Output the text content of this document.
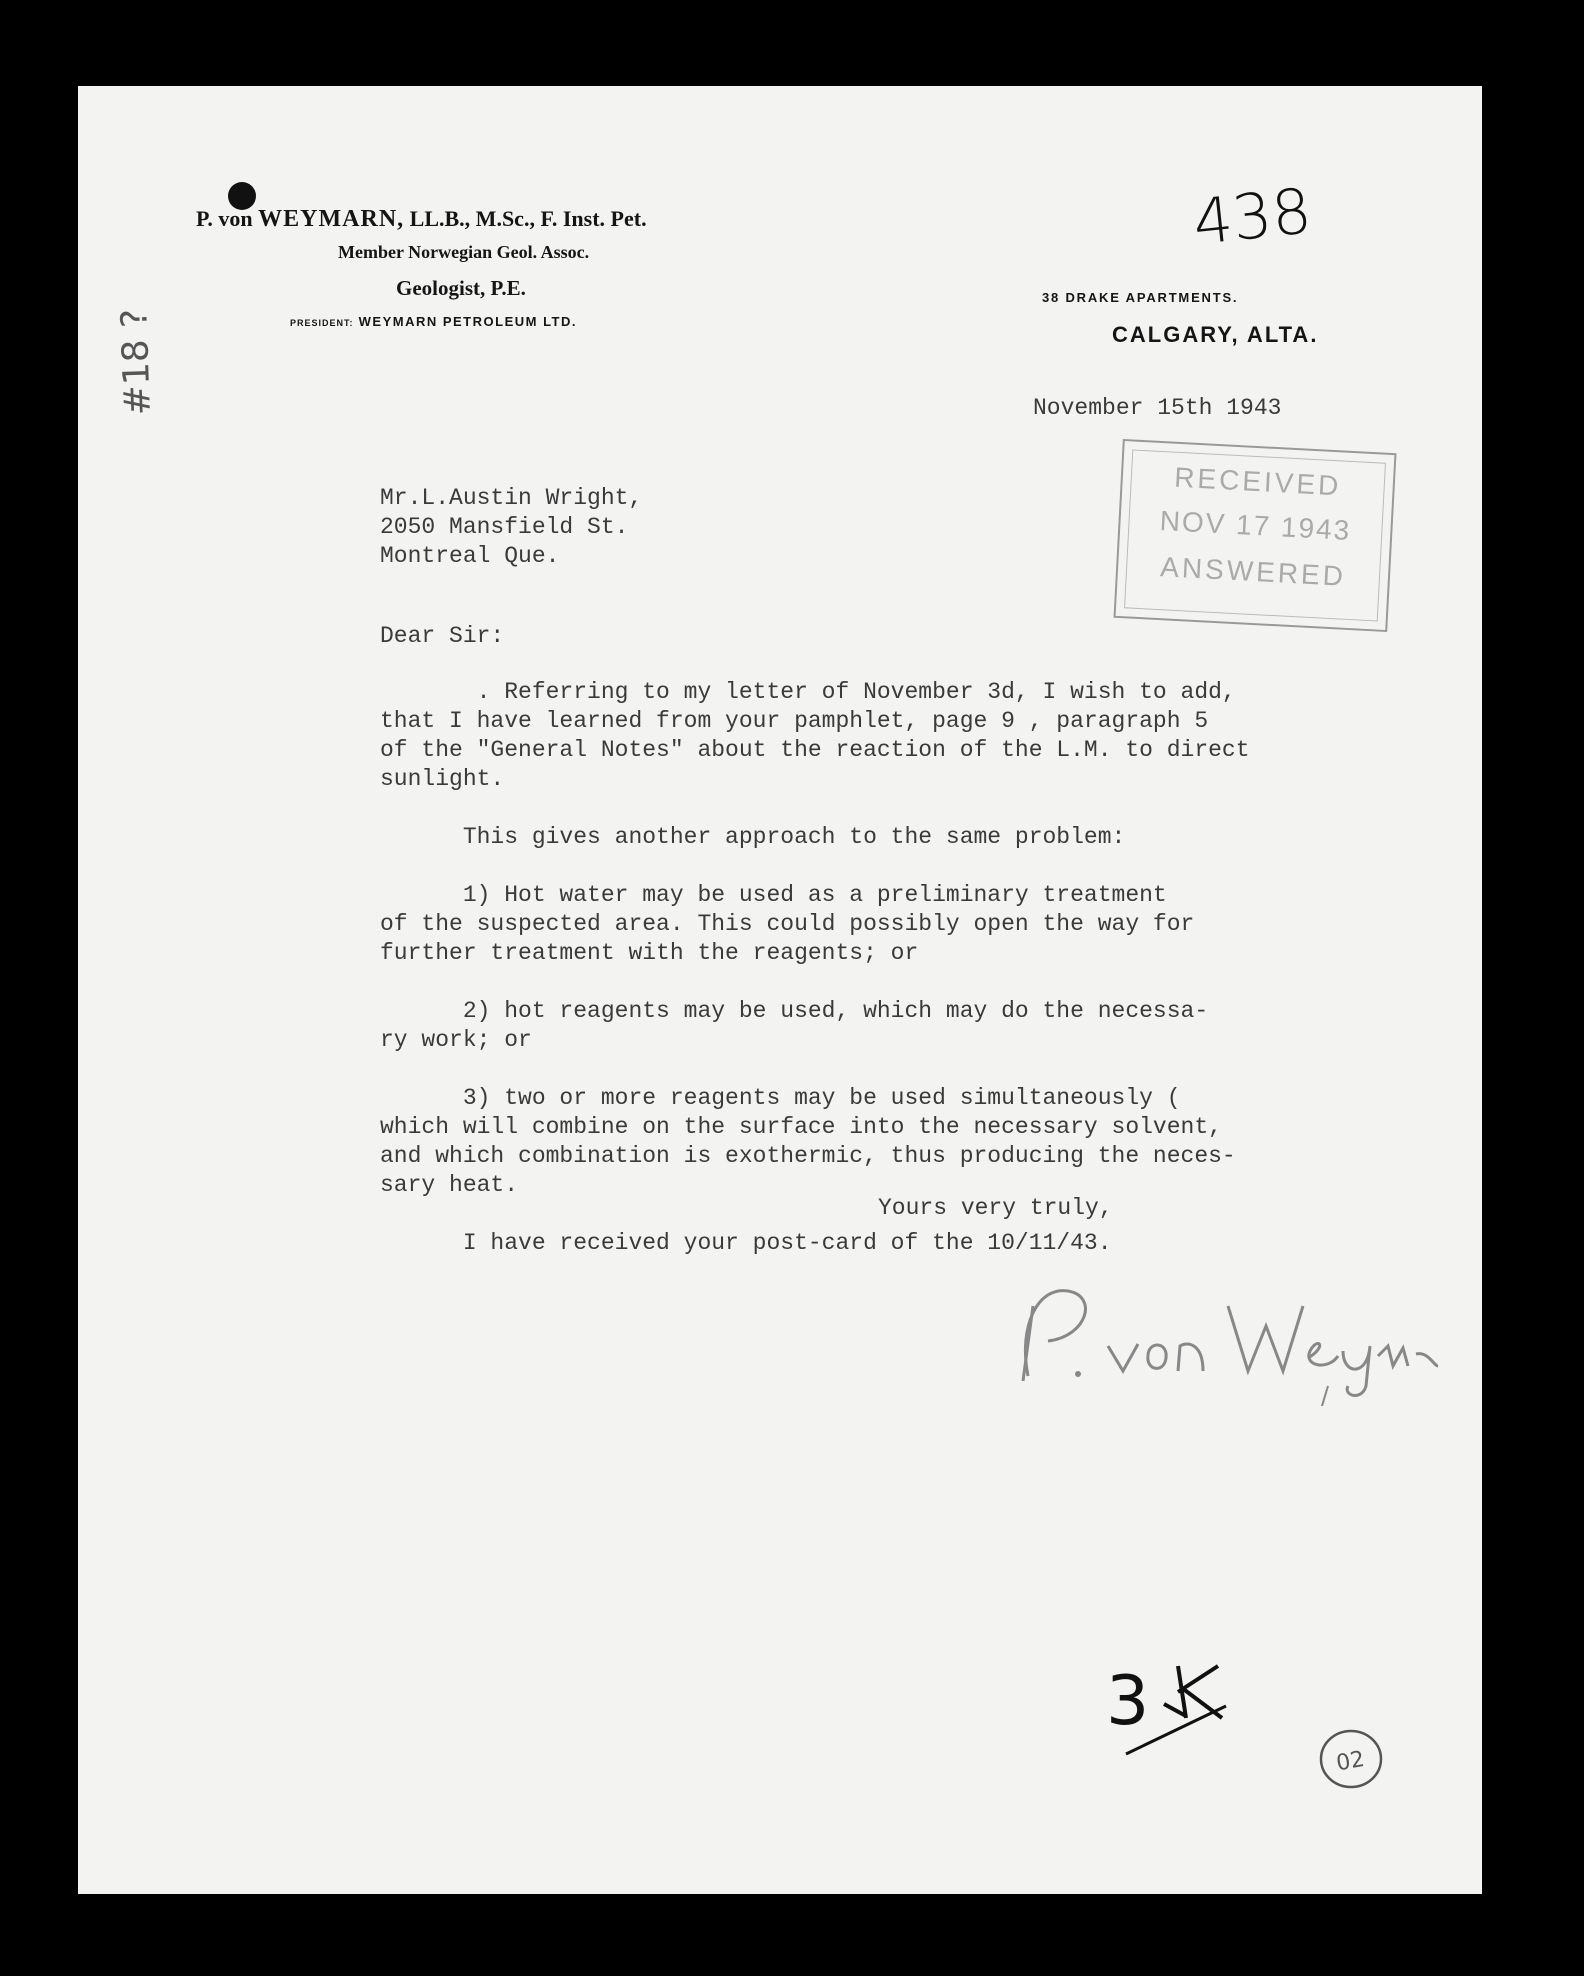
P. von WEYMARN, LL.B., M.Sc., F. Inst. Pet.
Member Norwegian Geol. Assoc.
Geologist, P.E.
PRESIDENT: WEYMARN PETROLEUM LTD.
38 DRAKE APARTMENTS.
CALGARY, ALTA.
438
#18 ?	November 15th 1943
RECEIVED
NOV 17 1943
ANSWERED
Mr.L.Austin Wright,
2050 Mansfield St.
Montreal Que.
Dear Sir:
. Referring to my letter of November 3d, I wish to add,
that I have learned from your pamphlet, page 9 , paragraph 5
of the "General Notes" about the reaction of the L.M. to direct
sunlight.

This gives another approach to the same problem:

1) Hot water may be used as a preliminary treatment
of the suspected area. This could possibly open the way for
further treatment with the reagents; or

2) hot reagents may be used, which may do the necessa-
ry work; or

3) two or more reagents may be used simultaneously (
which will combine on the surface into the necessary solvent,
and which combination is exothermic, thus producing the neces-
sary heat.

I have received your post-card of the 10/11/43.
Yours very truly,
3
02
